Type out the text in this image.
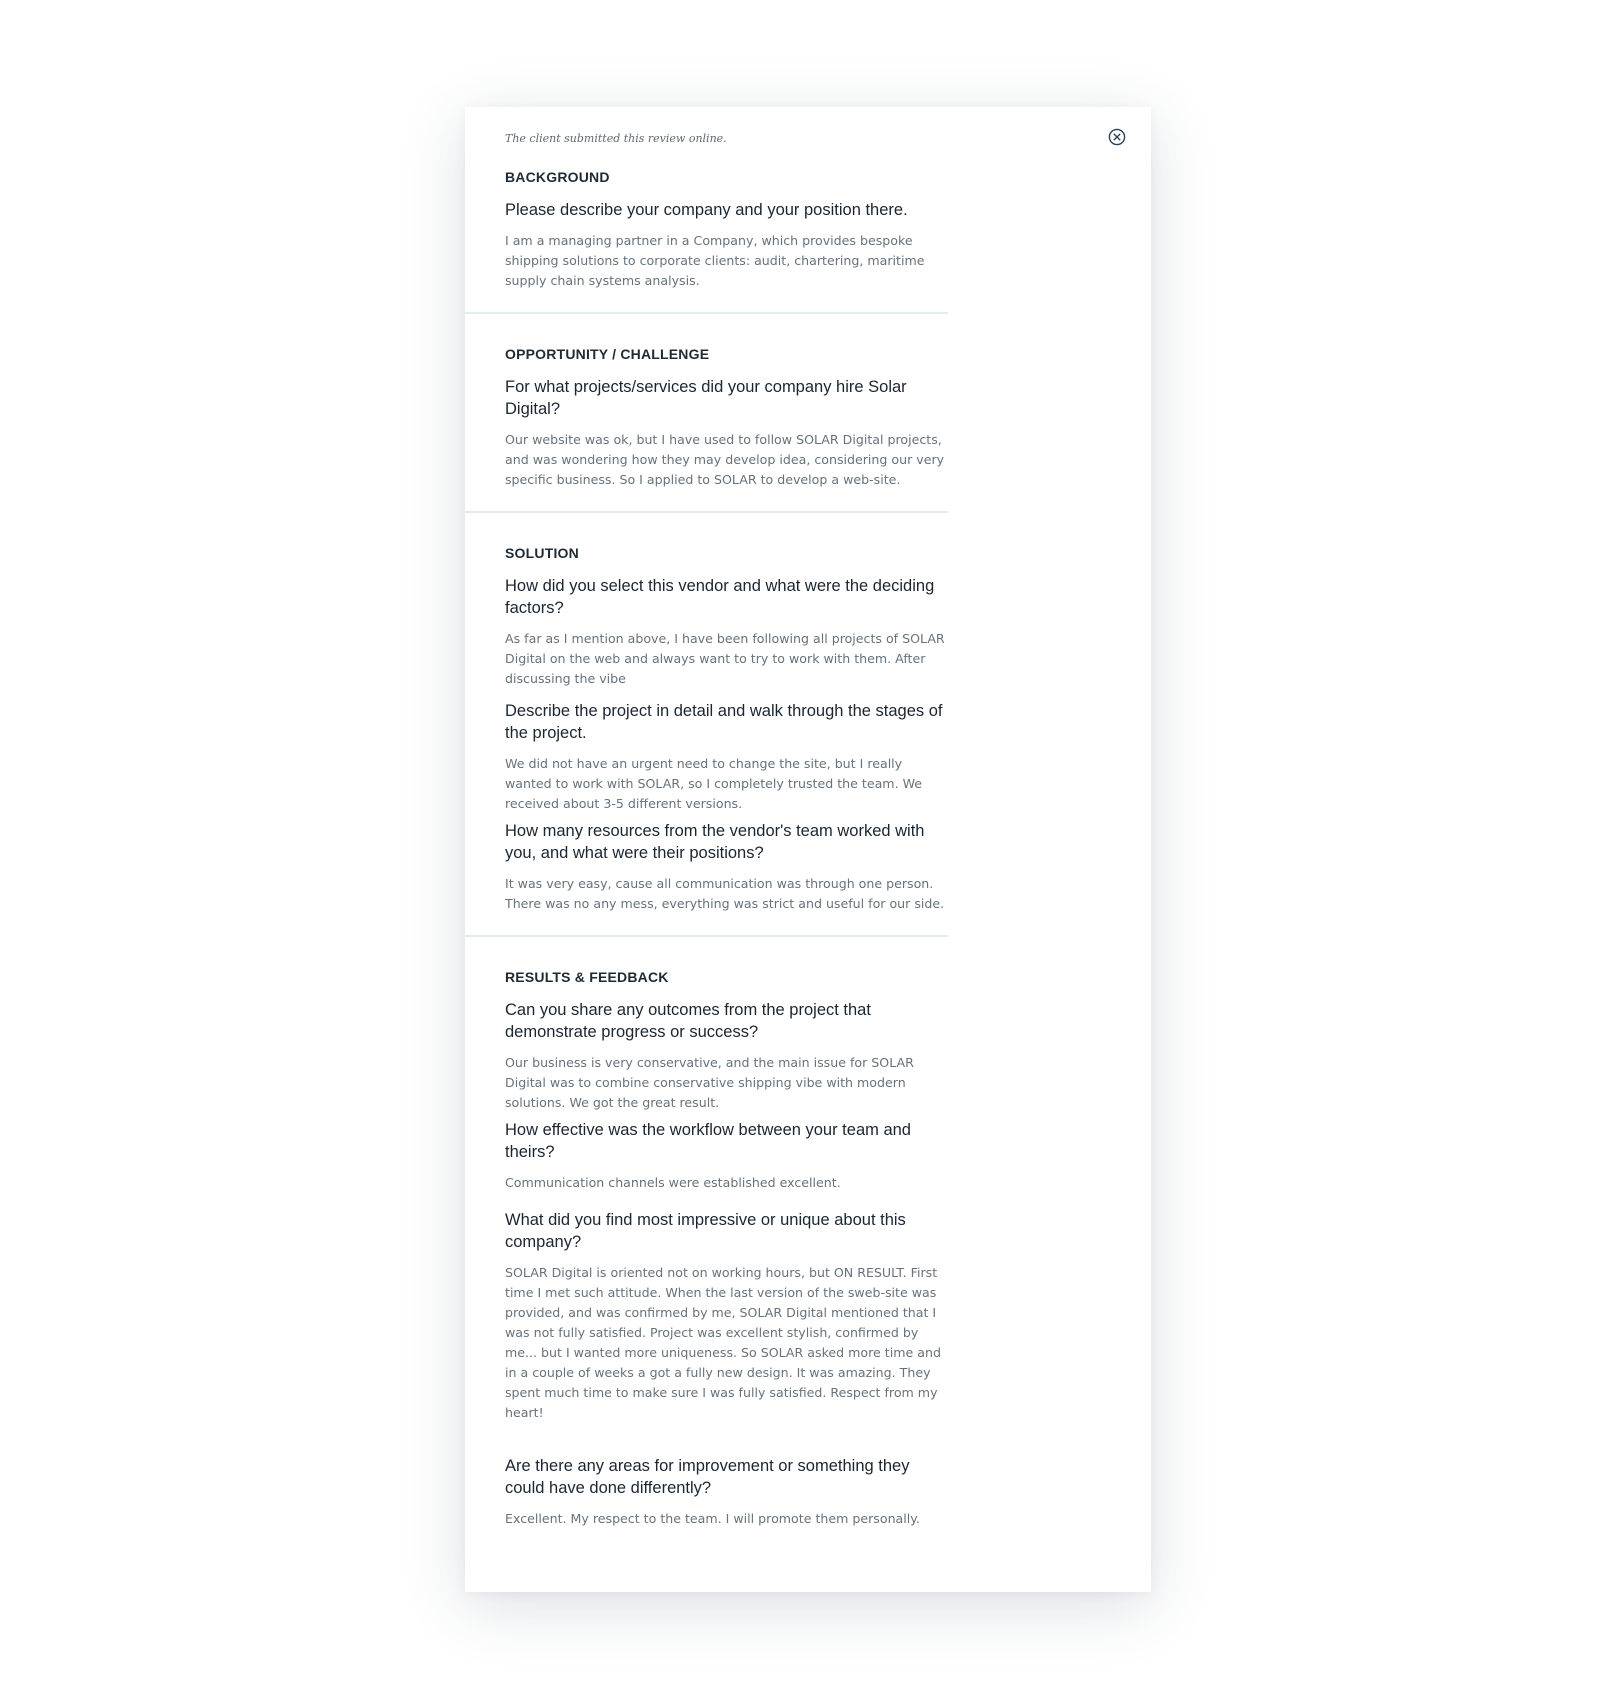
The client submitted this review online.

BACKGROUND

Please describe your company and your position there.

I am a managing partner in a Company, which provides bespoke shipping solutions to corporate clients: audit, chartering, maritime supply chain systems analysis.

OPPORTUNITY / CHALLENGE

For what projects/services did your company hire Solar Digital?

Our website was ok, but I have used to follow SOLAR Digital projects, and was wondering how they may develop idea, considering our very specific business. So I applied to SOLAR to develop a web-site.

SOLUTION

How did you select this vendor and what were the deciding factors?

As far as I mention above, I have been following all projects of SOLAR Digital on the web and always want to try to work with them. After discussing the vibe

Describe the project in detail and walk through the stages of the project.

We did not have an urgent need to change the site, but I really wanted to work with SOLAR, so I completely trusted the team. We received about 3-5 different versions.

How many resources from the vendor's team worked with you, and what were their positions?

It was very easy, cause all communication was through one person. There was no any mess, everything was strict and useful for our side.

RESULTS & FEEDBACK

Can you share any outcomes from the project that demonstrate progress or success?

Our business is very conservative, and the main issue for SOLAR Digital was to combine conservative shipping vibe with modern solutions. We got the great result.

How effective was the workflow between your team and theirs?

Communication channels were established excellent.

What did you find most impressive or unique about this company?

SOLAR Digital is oriented not on working hours, but ON RESULT. First time I met such attitude. When the last version of the sweb-site was provided, and was confirmed by me, SOLAR Digital mentioned that I was not fully satisfied. Project was excellent stylish, confirmed by me... but I wanted more uniqueness. So SOLAR asked more time and in a couple of weeks a got a fully new design. It was amazing. They spent much time to make sure I was fully satisfied. Respect from my heart!

Are there any areas for improvement or something they could have done differently?

Excellent. My respect to the team. I will promote them personally.
